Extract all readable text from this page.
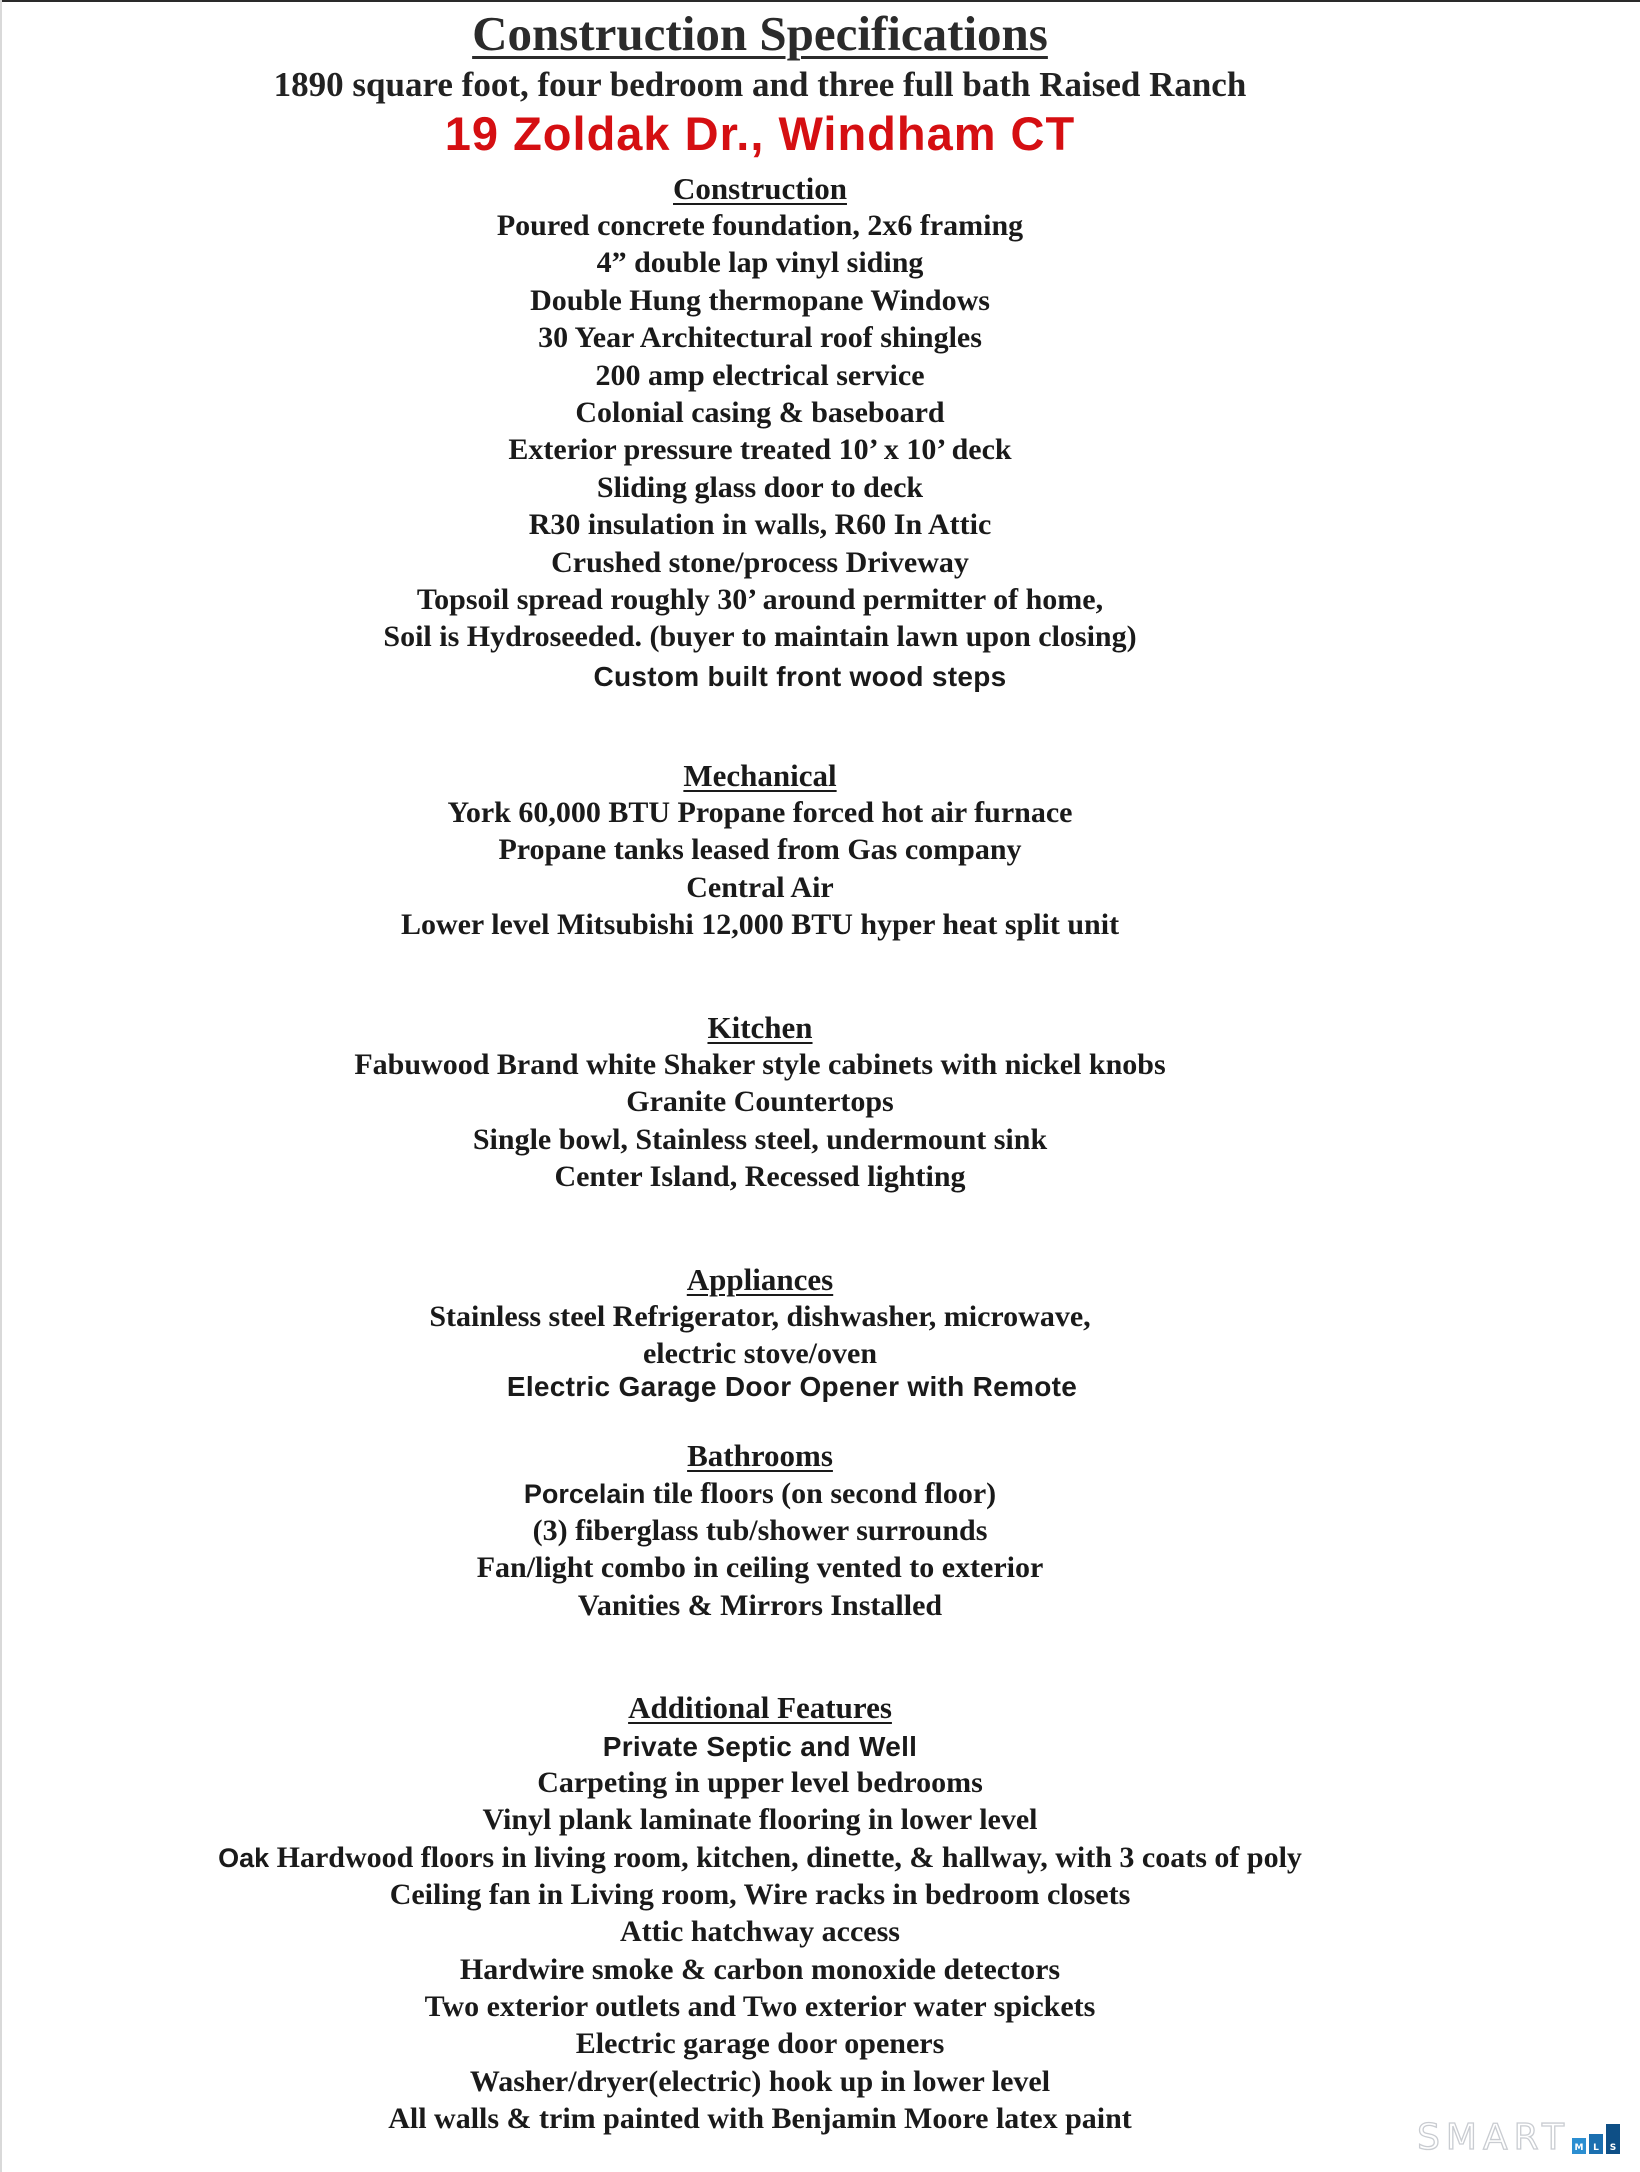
Construction Specifications
1890 square foot, four bedroom and three full bath Raised Ranch
19 Zoldak Dr., Windham CT
Construction
Poured concrete foundation, 2x6 framing
4” double lap vinyl siding
Double Hung thermopane Windows
30 Year Architectural roof shingles
200 amp electrical service
Colonial casing & baseboard
Exterior pressure treated 10’ x 10’ deck
Sliding glass door to deck
R30 insulation in walls, R60 In Attic
Crushed stone/process Driveway
Topsoil spread roughly 30’ around permitter of home,
Soil is Hydroseeded. (buyer to maintain lawn upon closing)
Custom built front wood steps
Mechanical
York 60,000 BTU Propane forced hot air furnace
Propane tanks leased from Gas company
Central Air
Lower level Mitsubishi 12,000 BTU hyper heat split unit
Kitchen
Fabuwood Brand white Shaker style cabinets with nickel knobs
Granite Countertops
Single bowl, Stainless steel, undermount sink
Center Island, Recessed lighting
Appliances
Stainless steel Refrigerator, dishwasher, microwave,
electric stove/oven
Electric Garage Door Opener with Remote
Bathrooms
Porcelain tile floors (on second floor)
(3) fiberglass tub/shower surrounds
Fan/light combo in ceiling vented to exterior
Vanities & Mirrors Installed
Additional Features
Private Septic and Well
Carpeting in upper level bedrooms
Vinyl plank laminate flooring in lower level
Oak Hardwood floors in living room, kitchen, dinette, & hallway, with 3 coats of poly
Ceiling fan in Living room, Wire racks in bedroom closets
Attic hatchway access
Hardwire smoke & carbon monoxide detectors
Two exterior outlets and Two exterior water spickets
Electric garage door openers
Washer/dryer(electric) hook up in lower level
All walls & trim painted with Benjamin Moore latex paint	SMART M	L	S
